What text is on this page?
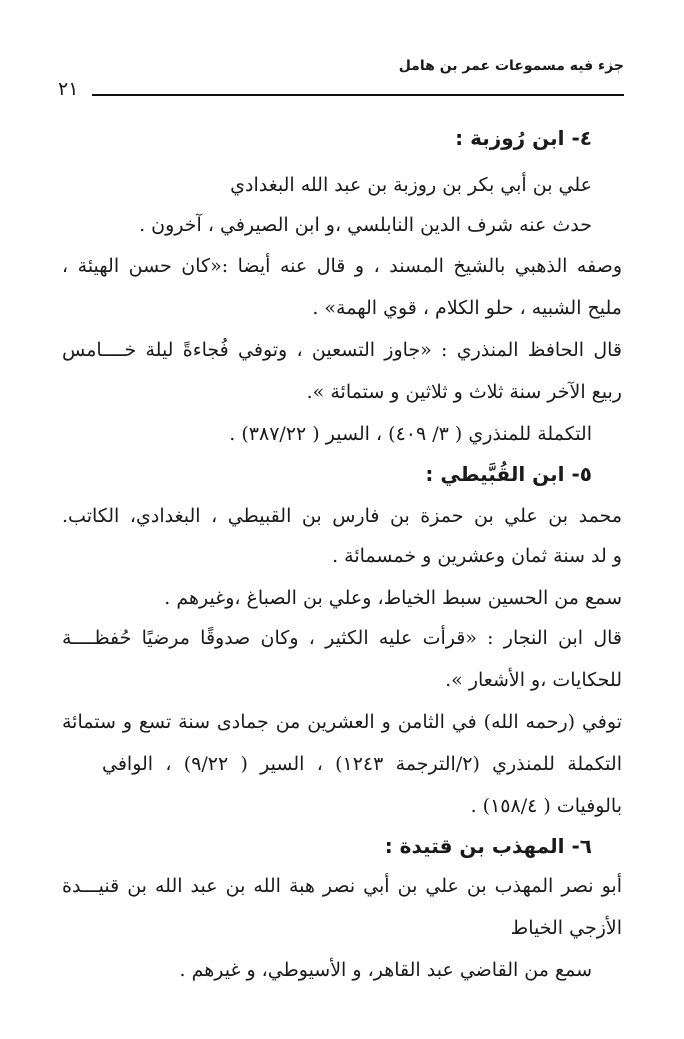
جزء فيه مسموعات عمر بن هامل
٢١
٤- ابن رُوزبة :
علي بن أبي بكر بن روزبة بن عبد الله البغدادي
حدث عنه شرف الدين النابلسي ،و ابن الصيرفي ، آخرون .
وصفه الذهبي بالشيخ المسند ، و قال عنه أيضا :«كان حسن الهيئة ،
مليح الشبيه ، حلو الكلام ، قوي الهمة» .
قال الحافظ المنذري : «جاوز التسعين ، وتوفي فُجاءةً ليلة خــــامس
ربيع الآخر سنة ثلاث و ثلاثين و ستمائة ».
التكملة للمنذري ( ٣/ ٤٠٩) ، السير ( ٣٨٧/٢٢) .
٥- ابن القُبَّيطي :
محمد بن علي بن حمزة بن فارس بن القبيطي ، البغدادي، الكاتب.
و لد سنة ثمان وعشرين و خمسمائة .
سمع من الحسين سبط الخياط، وعلي بن الصباغ ،وغيرهم .
قال ابن النجار : «قرأت عليه الكثير ، وكان صدوقًا مرضيًا حُفظــــة
للحكايات ،و الأشعار ».
توفي (رحمه الله) في الثامن و العشرين من جمادى سنة تسع و ستمائة
التكملة للمنذري (٢/الترجمة ١٢٤٣) ، السير ( ٩/٢٢) ، الوافي
بالوفيات ( ١٥٨/٤) .
٦- المهذب بن قتيدة :
أبو نصر المهذب بن علي بن أبي نصر هبة الله بن عبد الله بن قنيـــدة
الأزجي الخياط
سمع من القاضي عبد القاهر، و الأسيوطي، و غيرهم .
